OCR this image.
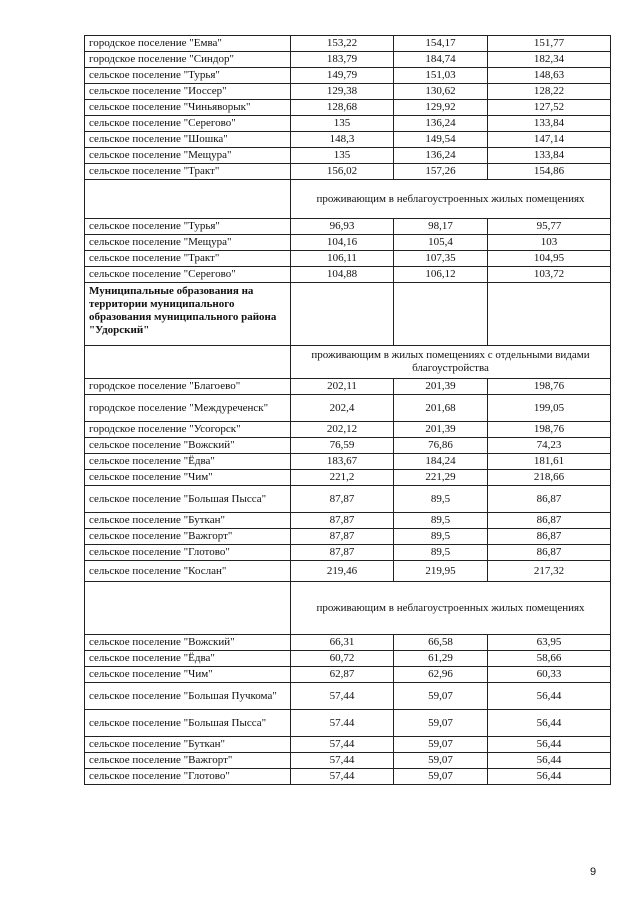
городское поселение "Емва"	153,22	154,17	151,77
городское поселение "Синдор"	183,79	184,74	182,34
сельское поселение "Турья"	149,79	151,03	148,63
сельское поселение "Иоссер"	129,38	130,62	128,22
сельское поселение "Чиньяворык"	128,68	129,92	127,52
сельское поселение "Серегово"	135	136,24	133,84
сельское поселение "Шошка"	148,3	149,54	147,14
сельское поселение "Мещура"	135	136,24	133,84
сельское поселение "Тракт"	156,02	157,26	154,86
	проживающим в неблагоустроенных жилых помещениях		
сельское поселение "Турья"	96,93	98,17	95,77
сельское поселение "Мещура"	104,16	105,4	103
сельское поселение "Тракт"	106,11	107,35	104,95
сельское поселение "Серегово"	104,88	106,12	103,72
Муниципальные образования на территории муниципального образования муниципального района "Удорский"			
	проживающим в жилых помещениях с отдельными видами благоустройства		
городское поселение "Благоево"	202,11	201,39	198,76
городское поселение "Междуреченск"	202,4	201,68	199,05
городское поселение "Усогорск"	202,12	201,39	198,76
сельское поселение "Вожский"	76,59	76,86	74,23
сельское поселение "Ёдва"	183,67	184,24	181,61
сельское поселение "Чим"	221,2	221,29	218,66
сельское поселение "Большая Пысса"	87,87	89,5	86,87
сельское поселение "Буткан"	87,87	89,5	86,87
сельское поселение "Важгорт"	87,87	89,5	86,87
сельское поселение "Глотово"	87,87	89,5	86,87
сельское поселение "Кослан"	219,46	219,95	217,32
	проживающим в неблагоустроенных жилых помещениях		
сельское поселение "Вожский"	66,31	66,58	63,95
сельское поселение "Ёдва"	60,72	61,29	58,66
сельское поселение "Чим"	62,87	62,96	60,33
сельское поселение "Большая Пучкома"	57,44	59,07	56,44
сельское поселение "Большая Пысса"	57.44	59,07	56,44
сельское поселение "Буткан"	57,44	59,07	56,44
сельское поселение "Важгорт"	57,44	59,07	56,44
сельское поселение "Глотово"	57,44	59,07	56,44
9
